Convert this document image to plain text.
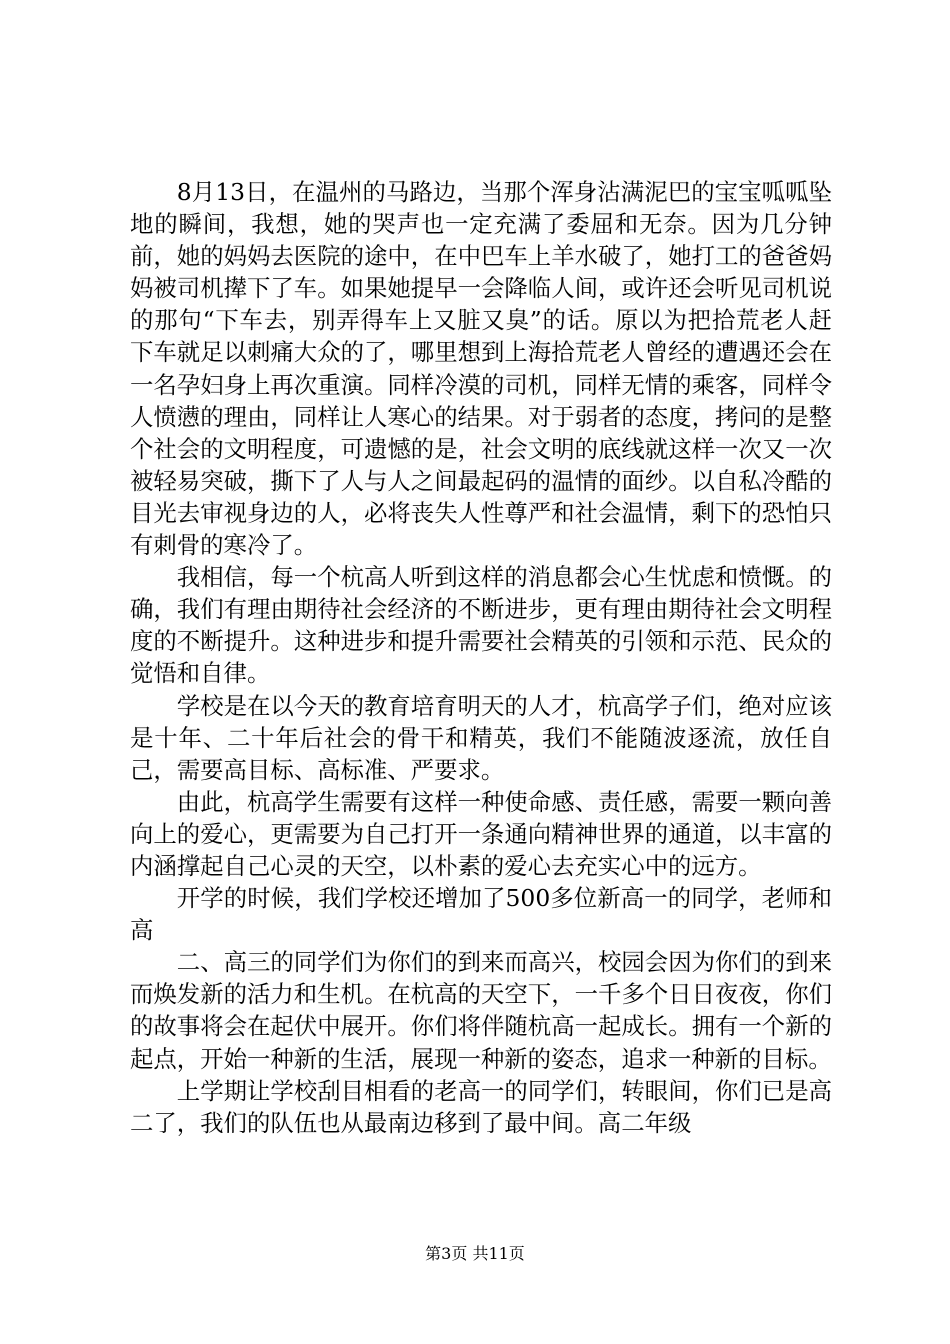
8月13日，在温州的马路边，当那个浑身沾满泥巴的宝宝呱呱坠地的瞬间，我想，她的哭声也一定充满了委屈和无奈。因为几分钟前，她的妈妈去医院的途中，在中巴车上羊水破了，她打工的爸爸妈妈被司机撵下了车。如果她提早一会降临人间，或许还会听见司机说的那句“下车去，别弄得车上又脏又臭”的话。原以为把拾荒老人赶下车就足以刺痛大众的了，哪里想到上海拾荒老人曾经的遭遇还会在一名孕妇身上再次重演。同样冷漠的司机，同样无情的乘客，同样令人愤懑的理由，同样让人寒心的结果。对于弱者的态度，拷问的是整个社会的文明程度，可遗憾的是，社会文明的底线就这样一次又一次被轻易突破，撕下了人与人之间最起码的温情的面纱。以自私冷酷的目光去审视身边的人，必将丧失人性尊严和社会温情，剩下的恐怕只有刺骨的寒冷了。

我相信，每一个杭高人听到这样的消息都会心生忧虑和愤慨。的确，我们有理由期待社会经济的不断进步，更有理由期待社会文明程度的不断提升。这种进步和提升需要社会精英的引领和示范、民众的觉悟和自律。

学校是在以今天的教育培育明天的人才，杭高学子们，绝对应该是十年、二十年后社会的骨干和精英，我们不能随波逐流，放任自己，需要高目标、高标准、严要求。

由此，杭高学生需要有这样一种使命感、责任感，需要一颗向善向上的爱心，更需要为自己打开一条通向精神世界的通道，以丰富的内涵撑起自己心灵的天空，以朴素的爱心去充实心中的远方。

开学的时候，我们学校还增加了500多位新高一的同学，老师和高

二、高三的同学们为你们的到来而高兴，校园会因为你们的到来而焕发新的活力和生机。在杭高的天空下，一千多个日日夜夜，你们的故事将会在起伏中展开。你们将伴随杭高一起成长。拥有一个新的起点，开始一种新的生活，展现一种新的姿态，追求一种新的目标。

上学期让学校刮目相看的老高一的同学们，转眼间，你们已是高二了，我们的队伍也从最南边移到了最中间。高二年级

第3页 共11页
